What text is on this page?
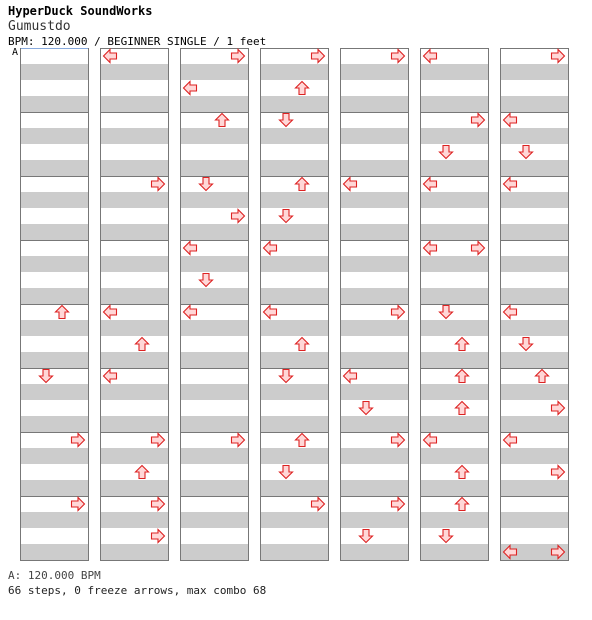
HyperDuck SoundWorks
Gumustdo
BPM: 120.000 / BEGINNER SINGLE / 1 feet
A
A: 120.000 BPM
66 steps, 0 freeze arrows, max combo 68
